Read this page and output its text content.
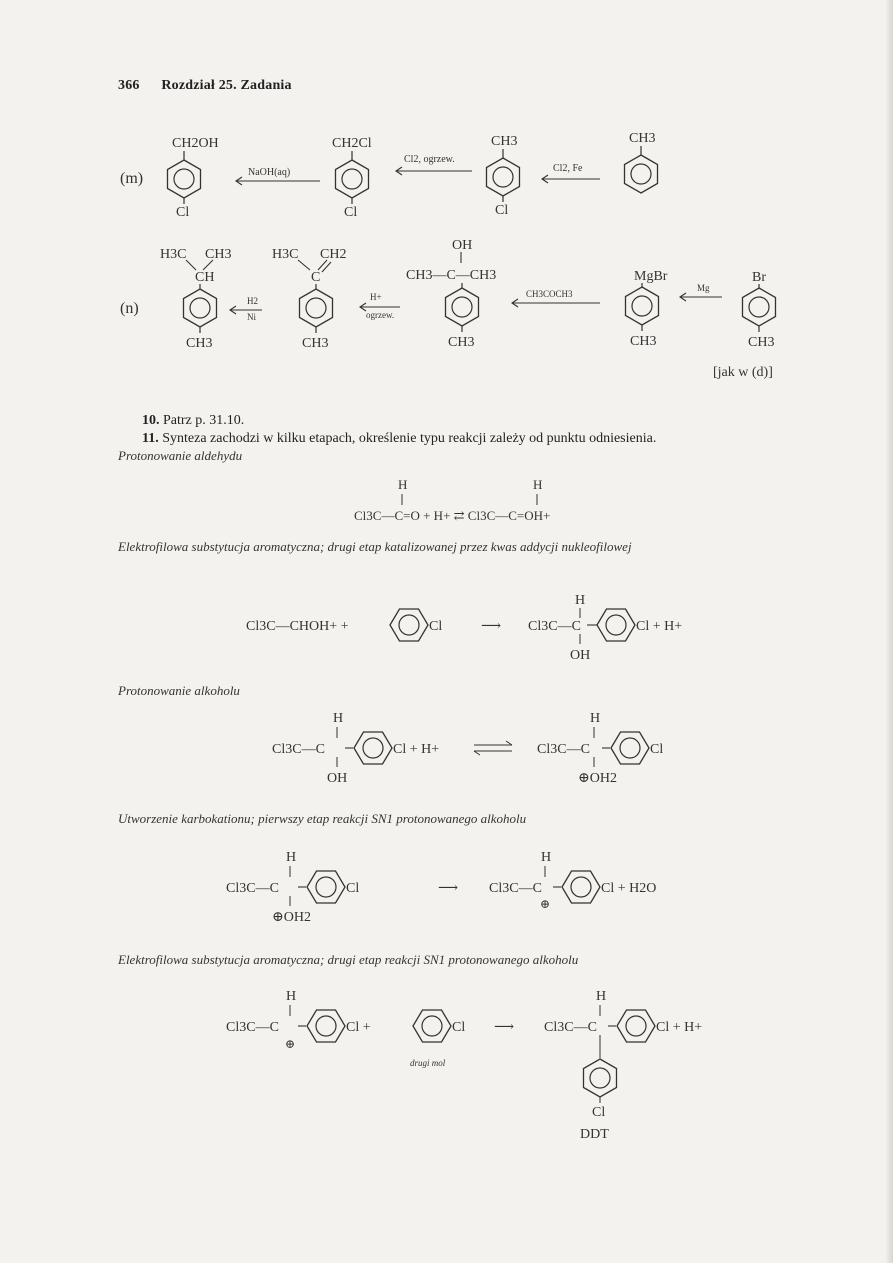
366 Rozdział 25. Zadania
(m)
CH2OH
Cl
NaOH(aq)
CH2Cl
Cl
Cl2, ogrzew.
CH3
Cl
Cl2, Fe
CH3
(n)
H3C CH3
CH
CH3
H2
Ni
H3C CH2
C
CH3
H+
ogrzew.
OH
CH3—C—CH3
CH3
CH3COCH3
MgBr
CH3
Mg
Br
CH3
[jak w (d)]
H	H
Cl3C—C=O + H+ ⇄ Cl3C—C=OH+
Cl3C—CHOH+ +	Cl	⟶
H
Cl3C—C	Cl + H+
OH
H
Cl3C—C	Cl + H+
OH
H
Cl3C—C	Cl
⊕OH2
H
Cl3C—C	Cl
⊕OH2
⟶
H
Cl3C—C	Cl + H2O
⊕
H
Cl3C—C	Cl +
⊕
Cl
drugi mol
⟶
H
Cl3C—C	Cl + H+
Cl
DDT

10. Patrz p. 31.10.

11. Synteza zachodzi w kilku etapach, określenie typu reakcji zależy od punktu odniesienia.

Protonowanie aldehydu

Elektrofilowa substytucja aromatyczna; drugi etap katalizowanej przez kwas addycji nukleofilowej

Protonowanie alkoholu

Utworzenie karbokationu; pierwszy etap reakcji SN1 protonowanego alkoholu

Elektrofilowa substytucja aromatyczna; drugi etap reakcji SN1 protonowanego alkoholu
